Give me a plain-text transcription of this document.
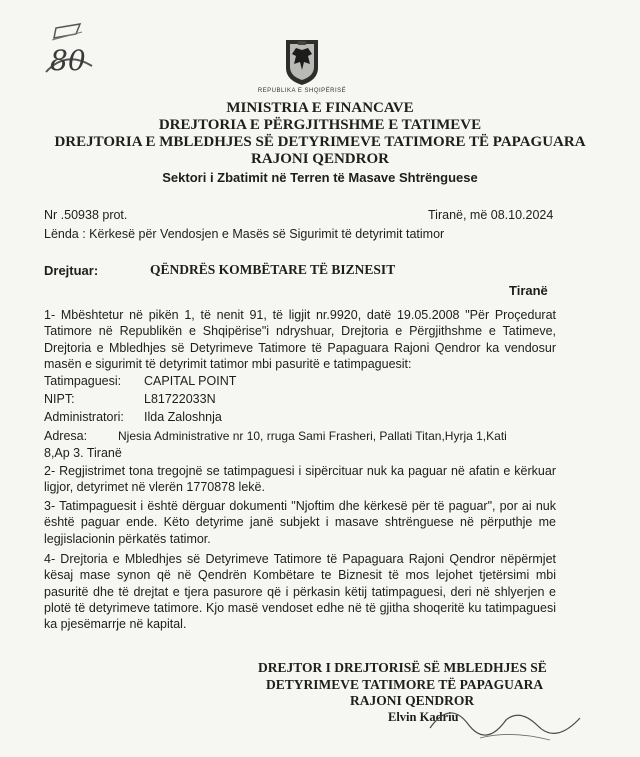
80
REPUBLIKA E SHQIPËRISË
MINISTRIA E FINANCAVE
DREJTORIA E PËRGJITHSHME E TATIMEVE
DREJTORIA E MBLEDHJES SË DETYRIMEVE TATIMORE TË PAPAGUARA
RAJONI QENDROR
Sektori i Zbatimit në Terren të Masave Shtrënguese
Nr .50938 prot.	Tiranë, më 08.10.2024
Lënda : Kërkesë për Vendosjen e Masës së Sigurimit të detyrimit tatimor
Drejtuar:	QËNDRËS KOMBËTARE TË BIZNESIT
Tiranë
1- Mbështetur në pikën 1, të nenit 91, të ligjit nr.9920, datë 19.05.2008 "Për Proçedurat Tatimore në Republikën e Shqipërise"i ndryshuar, Drejtoria e Përgjithshme e Tatimeve, Drejtoria e Mbledhjes së Detyrimeve Tatimore të Papaguara Rajoni Qendror ka vendosur masën e sigurimit të detyrimit tatimor mbi pasuritë e tatimpaguesit:
Tatimpaguesi: CAPITAL POINT
NIPT:	L81722033N
Administratori: Ilda Zaloshnja
Adresa:	Njesia Administrative nr 10, rruga Sami Frasheri, Pallati Titan,Hyrja 1,Kati
8,Ap 3. Tiranë
2- Regjistrimet tona tregojnë se tatimpaguesi i sipërcituar nuk ka paguar në afatin e kërkuar ligjor, detyrimet në vlerën 1770878 lekë.
3- Tatimpaguesit i është dërguar dokumenti "Njoftim dhe kërkesë për të paguar", por ai nuk është paguar ende. Këto detyrime janë subjekt i masave shtrënguese në përputhje me legjislacionin përkatës tatimor.
4- Drejtoria e Mbledhjes së Detyrimeve Tatimore të Papaguara Rajoni Qendror nëpërmjet kësaj mase synon që në Qendrën Kombëtare te Biznesit të mos lejohet tjetërsimi mbi pasuritë dhe të drejtat e tjera pasurore që i përkasin këtij tatimpaguesi, deri në shlyerjen e plotë të detyrimeve tatimore. Kjo masë vendoset edhe në të gjitha shoqeritë ku tatimpaguesi ka pjesëmarrje në kapital.
DREJTOR I DREJTORISË SË MBLEDHJES SË
DETYRIMEVE TATIMORE TË PAPAGUARA
RAJONI QENDROR
Elvin Kadriu
